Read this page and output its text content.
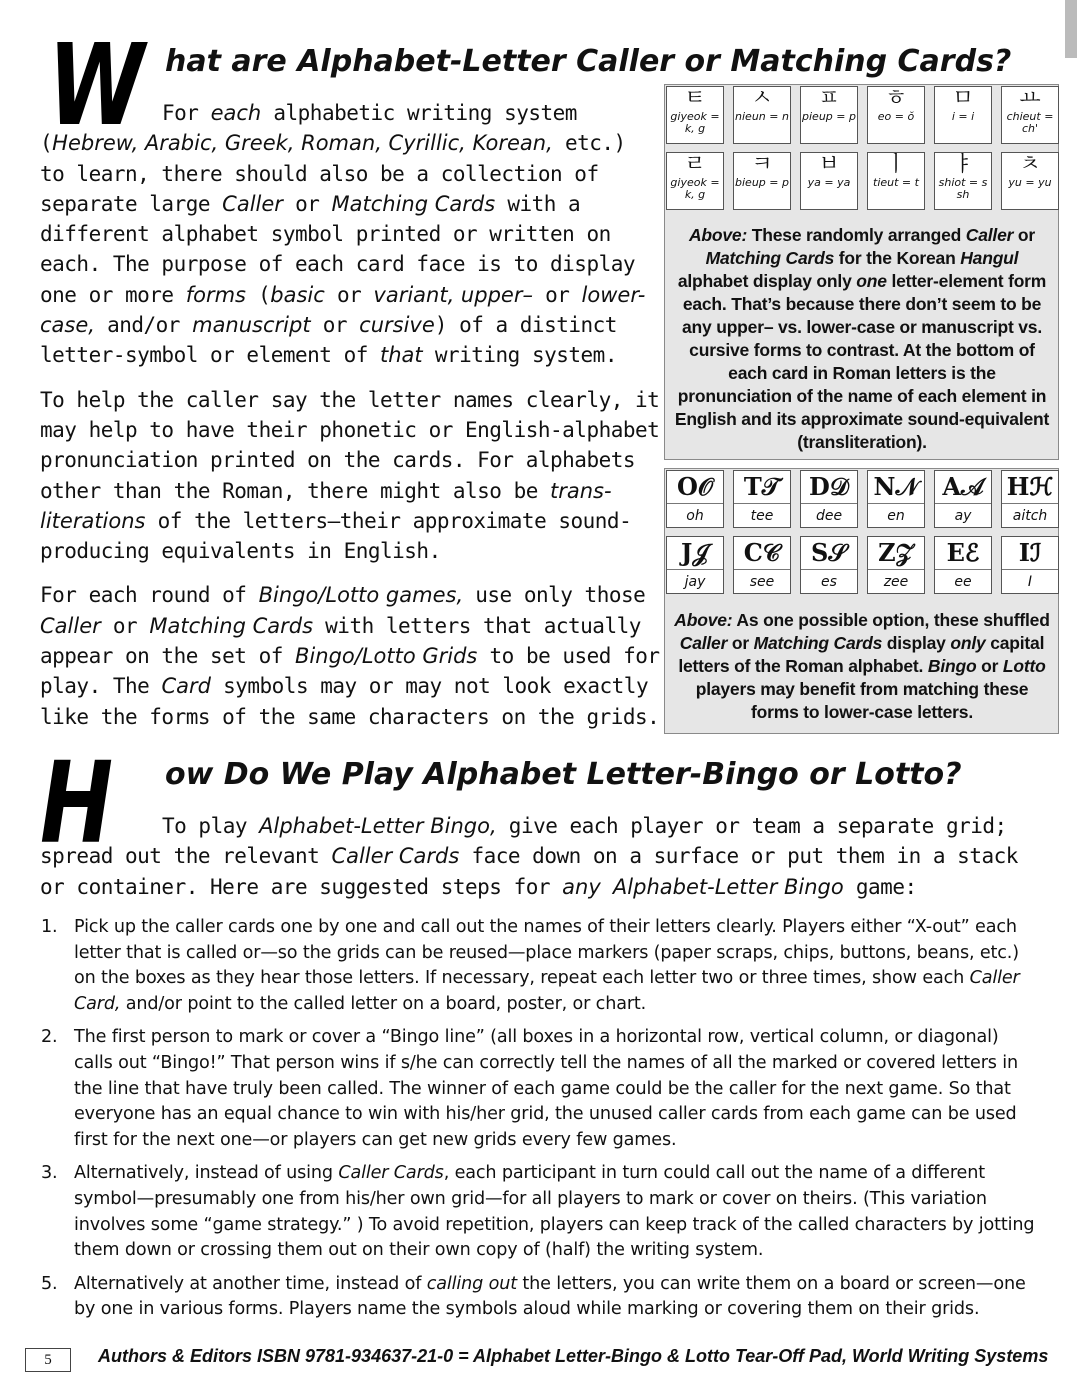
W hat are Alphabet-Letter Caller or Matching Cards?

For each alphabetic writing system (Hebrew, Arabic, Greek, Roman, Cyrillic, Korean, etc.) to learn, there should also be a collection of separate large Caller or Matching Cards with a different alphabet symbol printed or written on each. The purpose of each card face is to display one or more forms (basic or variant, upper– or lower-case, and/or manuscript or cursive) of a distinct letter-symbol or element of that writing system.

To help the caller say the letter names clearly, it may help to have their phonetic or English-alphabet pronunciation printed on the cards. For alphabets other than the Roman, there might also be trans-literations of the letters—their approximate sound-producing equivalents in English.

For each round of Bingo/Lotto games, use only those Caller or Matching Cards with letters that actually appear on the set of Bingo/Lotto Grids to be used for play. The Card symbols may or may not look exactly like the forms of the same characters on the grids.

ㅌ
giyeok = k, g
ㅅ
nieun = n
ㅍ
pieup = p
ㅎ
eo = ŏ
ㅁ
i = i
ㅛ
chieut = ch'
ㄹ
giyeok = k, g
ㅋ
bieup = p
ㅂ
ya = ya
ㅣ
tieut = t
ㅑ
shiot = s sh
ㅊ
yu = yu
Above: These randomly arranged Caller or Matching Cards for the Korean Hangul alphabet display only one letter-element form each. That’s because there don’t seem to be any upper– vs. lower-case or manuscript vs. cursive forms to contrast. At the bottom of each card in Roman letters is the pronunciation of the name of each element in English and its approximate sound-equivalent (transliteration).
O𝒪
oh
T𝒯
tee
D𝒟
dee
N𝒩
en
A𝒜
ay
Hℋ
aitch
J𝒥
jay
C𝒞
see
S𝒮
es
Z𝒵
zee
Eℰ
ee
Iℐ
I
Above: As one possible option, these shuffled Caller or Matching Cards display only capital letters of the Roman alphabet. Bingo or Lotto players may benefit from matching these forms to lower-case letters.
H ow Do We Play Alphabet Letter-Bingo or Lotto?

To play Alphabet-Letter Bingo, give each player or team a separate grid; spread out the relevant Caller Cards face down on a surface or put them in a stack or container. Here are suggested steps for any Alphabet-Letter Bingo game:

1. Pick up the caller cards one by one and call out the names of their letters clearly. Players either “X-out” each letter that is called or—so the grids can be reused—place markers (paper scraps, chips, buttons, beans, etc.) on the boxes as they hear those letters. If necessary, repeat each letter two or three times, show each Caller Card, and/or point to the called letter on a board, poster, or chart.
2. The first person to mark or cover a “Bingo line” (all boxes in a horizontal row, vertical column, or diagonal) calls out “Bingo!” That person wins if s/he can correctly tell the names of all the marked or covered letters in the line that have truly been called. The winner of each game could be the caller for the next game. So that everyone has an equal chance to win with his/her grid, the unused caller cards from each game can be used first for the next one—or players can get new grids every few games.
3. Alternatively, instead of using Caller Cards, each participant in turn could call out the name of a different symbol—presumably one from his/her own grid—for all players to mark or cover on theirs. (This variation involves some “game strategy.” ) To avoid repetition, players can keep track of the called characters by jotting them down or crossing them out on their own copy of (half) the writing system.
5. Alternatively at another time, instead of calling out the letters, you can write them on a board or screen—one by one in various forms. Players name the symbols aloud while marking or covering them on their grids.
5	Authors & Editors ISBN 9781-934637-21-0 = Alphabet Letter-Bingo & Lotto Tear-Off Pad, World Writing Systems
